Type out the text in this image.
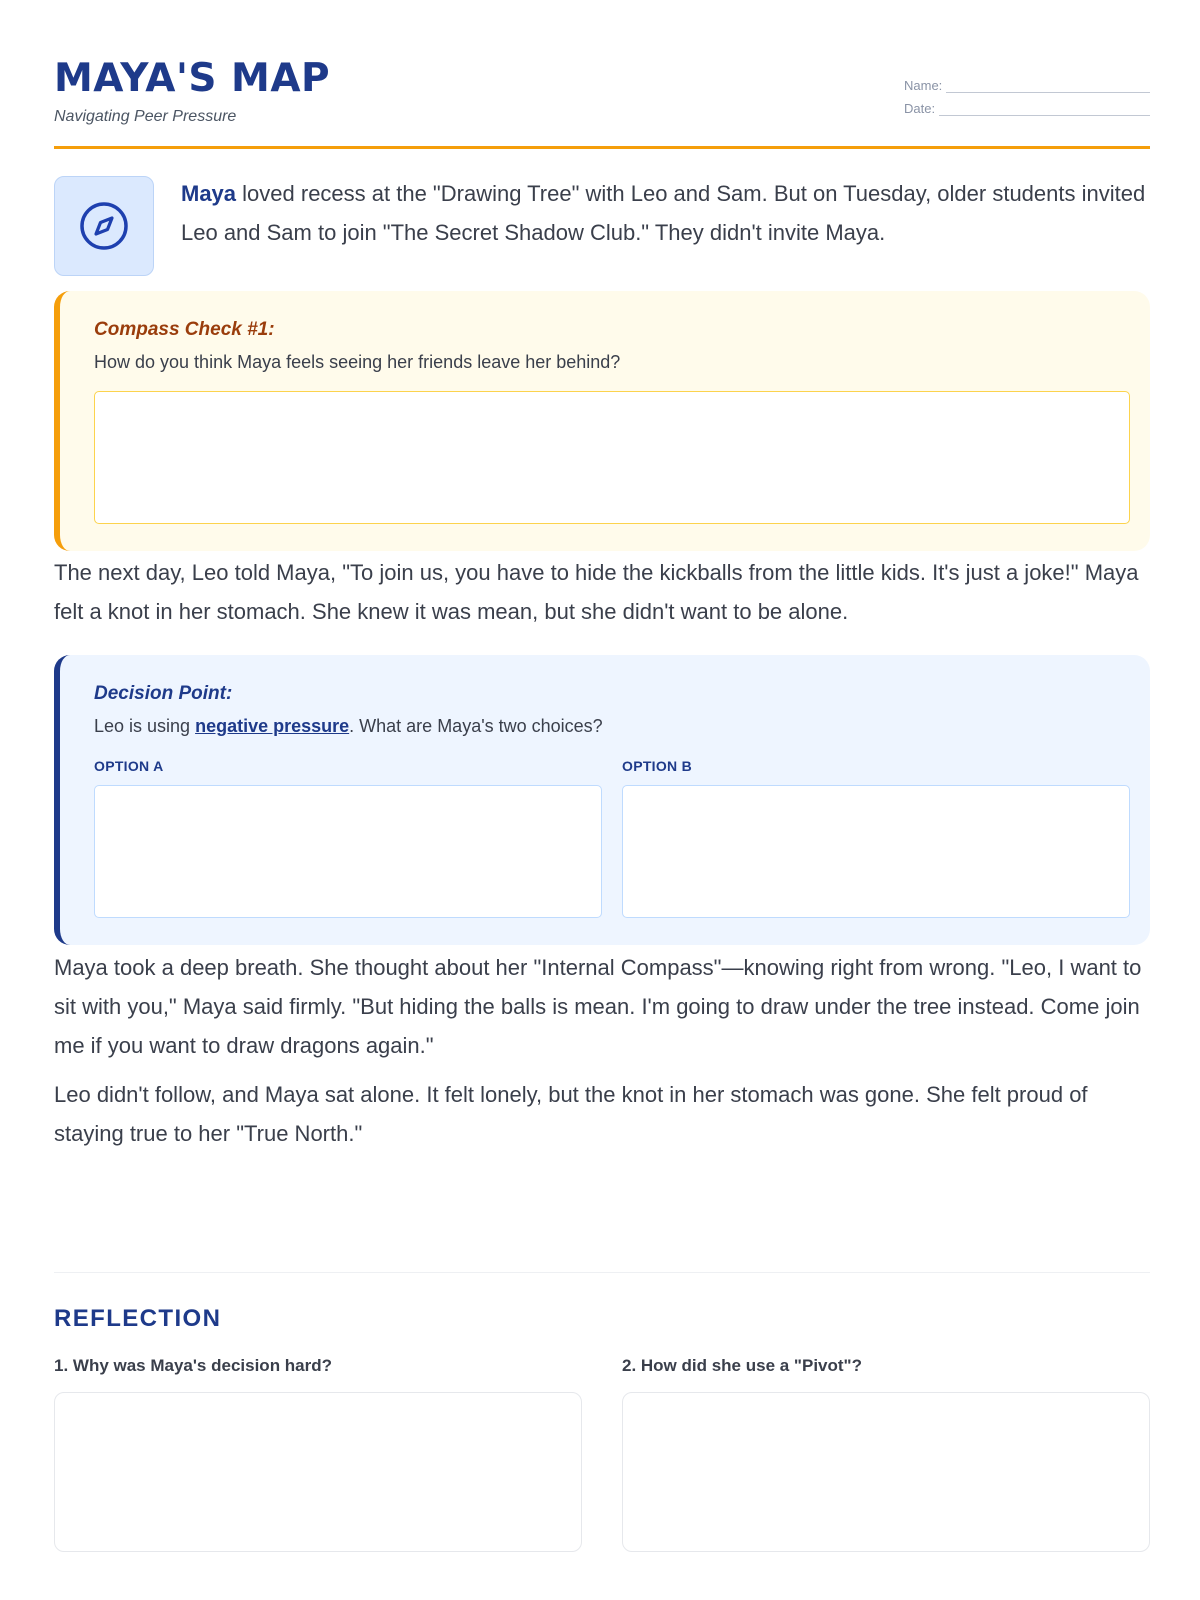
MAYA'S MAP
Navigating Peer Pressure
Name:
Date:

Maya loved recess at the "Drawing Tree" with Leo and Sam. But on Tuesday, older students invited Leo and Sam to join "The Secret Shadow Club." They didn't invite Maya.

Compass Check #1:
How do you think Maya feels seeing her friends leave her behind?

The next day, Leo told Maya, "To join us, you have to hide the kickballs from the little kids. It's just a joke!" Maya felt a knot in her stomach. She knew it was mean, but she didn't want to be alone.

Decision Point:
Leo is using negative pressure. What are Maya's two choices?
OPTION A	OPTION B

Maya took a deep breath. She thought about her "Internal Compass"—knowing right from wrong. "Leo, I want to sit with you," Maya said firmly. "But hiding the balls is mean. I'm going to draw under the tree instead. Come join me if you want to draw dragons again."

Leo didn't follow, and Maya sat alone. It felt lonely, but the knot in her stomach was gone. She felt proud of staying true to her "True North."

REFLECTION
1. Why was Maya's decision hard?	2. How did she use a "Pivot"?
